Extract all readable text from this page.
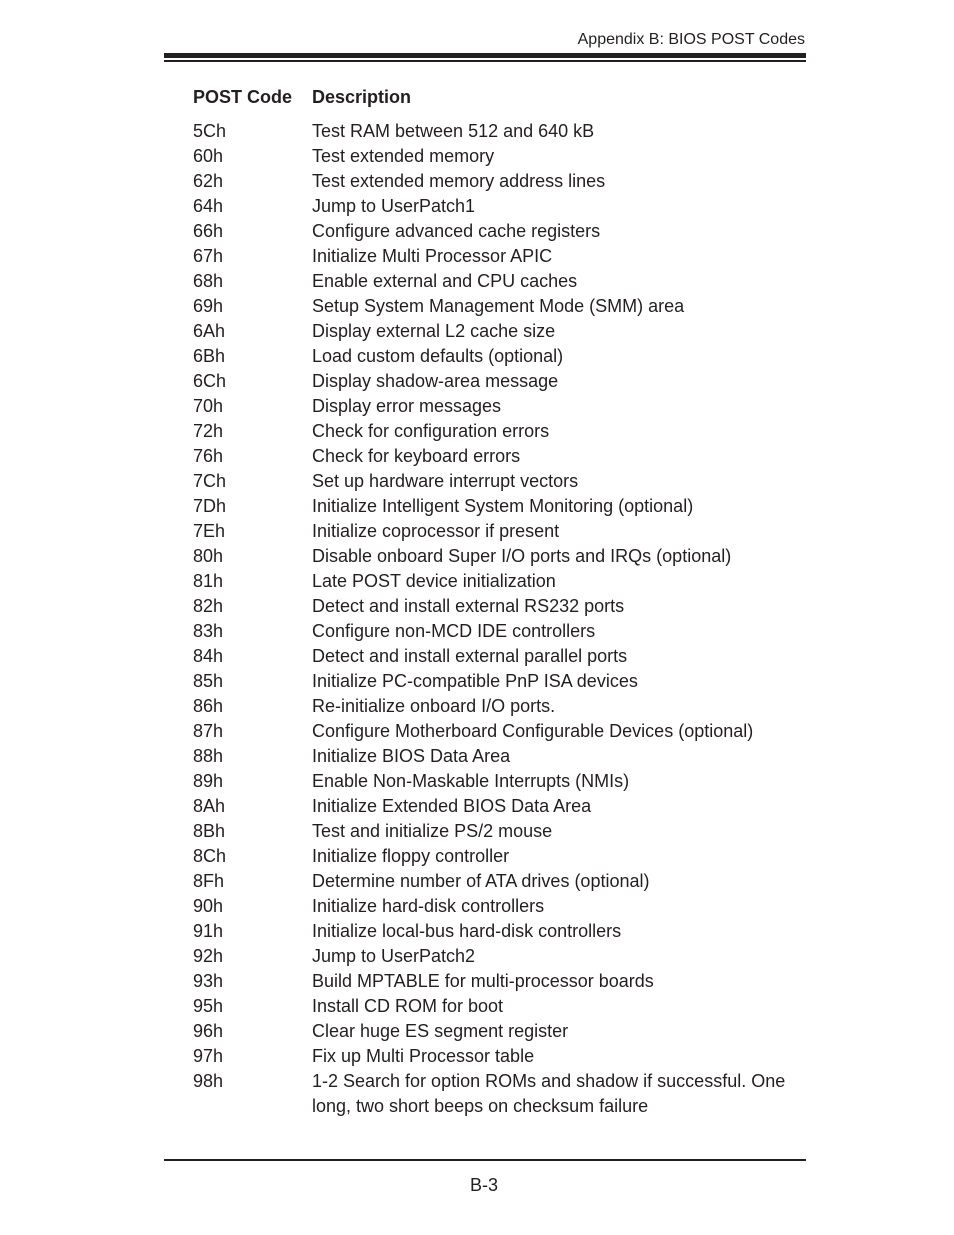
Appendix B: BIOS POST Codes
POST Code	Description
5Ch	Test RAM between 512 and 640 kB
60h	Test extended memory
62h	Test extended memory address lines
64h	Jump to UserPatch1
66h	Configure advanced cache registers
67h	Initialize Multi Processor APIC
68h	Enable external and CPU caches
69h	Setup System Management Mode (SMM) area
6Ah	Display external L2 cache size
6Bh	Load custom defaults (optional)
6Ch	Display shadow-area message
70h	Display error messages
72h	Check for configuration errors
76h	Check for keyboard errors
7Ch	Set up hardware interrupt vectors
7Dh	Initialize Intelligent System Monitoring (optional)
7Eh	Initialize coprocessor if present
80h	Disable onboard Super I/O ports and IRQs (optional)
81h	Late POST device initialization
82h	Detect and install external RS232 ports
83h	Configure non-MCD IDE controllers
84h	Detect and install external parallel ports
85h	Initialize PC-compatible PnP ISA devices
86h	Re-initialize onboard I/O ports.
87h	Configure Motherboard Configurable Devices (optional)
88h	Initialize BIOS Data Area
89h	Enable Non-Maskable Interrupts (NMIs)
8Ah	Initialize Extended BIOS Data Area
8Bh	Test and initialize PS/2 mouse
8Ch	Initialize floppy controller
8Fh	Determine number of ATA drives (optional)
90h	Initialize hard-disk controllers
91h	Initialize local-bus hard-disk controllers
92h	Jump to UserPatch2
93h	Build MPTABLE for multi-processor boards
95h	Install CD ROM for boot
96h	Clear huge ES segment register
97h	Fix up Multi Processor table
98h	1-2 Search for option ROMs and shadow if successful. One long, two short beeps on checksum failure
B-3
